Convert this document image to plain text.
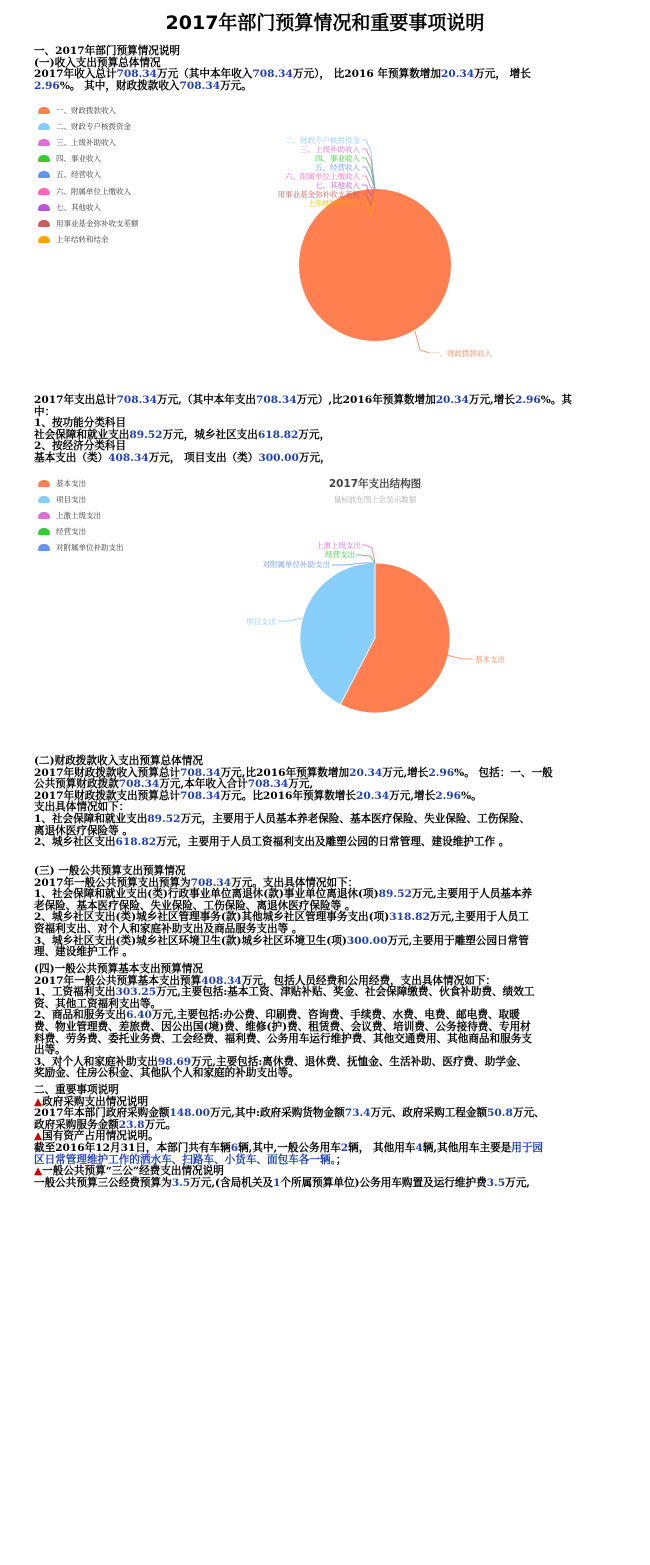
2017年部门预算情况和重要事项说明

一、2017年部门预算情况说明

(一)收入支出预算总体情况

2017年收入总计708.34万元（其中本年收入708.34万元）， 比2016 年预算数增加20.34万元， 增长

2.96%。 其中，财政拨款收入708.34万元。

一、财政拨款收入
二、财政专户核拨资金
三、上级补助收入
四、事业收入
五、经营收入
六、附属单位上缴收入
七、其他收入
用事业基金弥补收支差额
上年结转和结余
一、财政拨款收入
二、财政专户核拨资金
三、上级补助收入
四、事业收入
五、经营收入
六、附属单位上缴收入
七、其他收入
用事业基金弥补收支差额
上年结转和结余

2017年支出总计708.34万元,（其中本年支出708.34万元）,比2016年预算数增加20.34万元,增长2.96%。其

中：

1、按功能分类科目

社会保障和就业支出89.52万元，城乡社区支出618.82万元，

2、按经济分类科目

基本支出（类）408.34万元， 项目支出（类）300.00万元，

基本支出
项目支出
上激上级支出
经营支出
对附属单位补助支出
2017年支出结构图
鼠标放在图上会显示数据
基本支出
项目支出
上激上级支出
经营支出
对附属单位补助支出

(二)财政拨款收入支出预算总体情况

2017年财政拨款收入预算总计708.34万元,比2016年预算数增加20.34万元,增长2.96%。 包括：一、一般

公共预算财政拨款708.34万元,本年收入合计708.34万元,

2017年财政拨款支出预算总计708.34万元。比2016年预算数增长20.34万元,增长2.96%。

支出具体情况如下：

1、社会保障和就业支出89.52万元，主要用于人员基本养老保险、基本医疗保险、失业保险、工伤保险、

离退休医疗保险等 。

2、城乡社区支出618.82万元，主要用于人员工资福利支出及雕塑公园的日常管理、建设维护工作 。

(三) 一般公共预算支出预算情况

2017年一般公共预算支出预算为708.34万元。支出具体情况如下：

1、社会保障和就业支出(类)行政事业单位离退休(款)事业单位离退休(项)89.52万元,主要用于人员基本养

老保险、基本医疗保险、失业保险、工伤保险、离退休医疗保险等 。

2、城乡社区支出(类)城乡社区管理事务(款)其他城乡社区管理事务支出(项)318.82万元,主要用于人员工

资福利支出、对个人和家庭补助支出及商品服务支出等 。

3、城乡社区支出(类)城乡社区环境卫生(款)城乡社区环境卫生(项)300.00万元,主要用于雕塑公园日常管

理、建设维护工作 。

(四)一般公共预算基本支出预算情况

2017年一般公共预算基本支出预算408.34万元，包括人员经费和公用经费，支出具体情况如下：

1、工资福利支出303.25万元,主要包括:基本工资、津贴补贴、奖金、社会保障缴费、伙食补助费、绩效工

资、其他工资福利支出等。

2、商品和服务支出6.40万元,主要包括:办公费、印刷费、咨询费、手续费、水费、电费、邮电费、取暖

费、物业管理费、差旅费、因公出国(境)费、维修(护)费、租赁费、会议费、培训费、公务接待费、专用材

料费、劳务费、委托业务费、工会经费、福利费、公务用车运行维护费、其他交通费用、其他商品和服务支

出等。

3、对个人和家庭补助支出98.69万元,主要包括:离休费、退休费、抚恤金、生活补助、医疗费、助学金、

奖励金、住房公积金、其他队个人和家庭的补助支出等。

二、重要事项说明

▲政府采购支出情况说明

2017年本部门政府采购金额148.00万元,其中:政府采购货物金额73.4万元、政府采购工程金额50.8万元、

政府采购服务金额23.8万元。

▲国有资产占用情况说明。

截至2016年12月31日，本部门共有车辆6辆,其中,一般公务用车2辆， 其他用车4辆,其他用车主要是用于园

区日常管理维护工作的洒水车、扫路车、小货车、面包车各一辆。；

▲一般公共预算“三公”经费支出情况说明

一般公共预算三公经费预算为3.5万元,(含局机关及1个所属预算单位)公务用车购置及运行维护费3.5万元,
